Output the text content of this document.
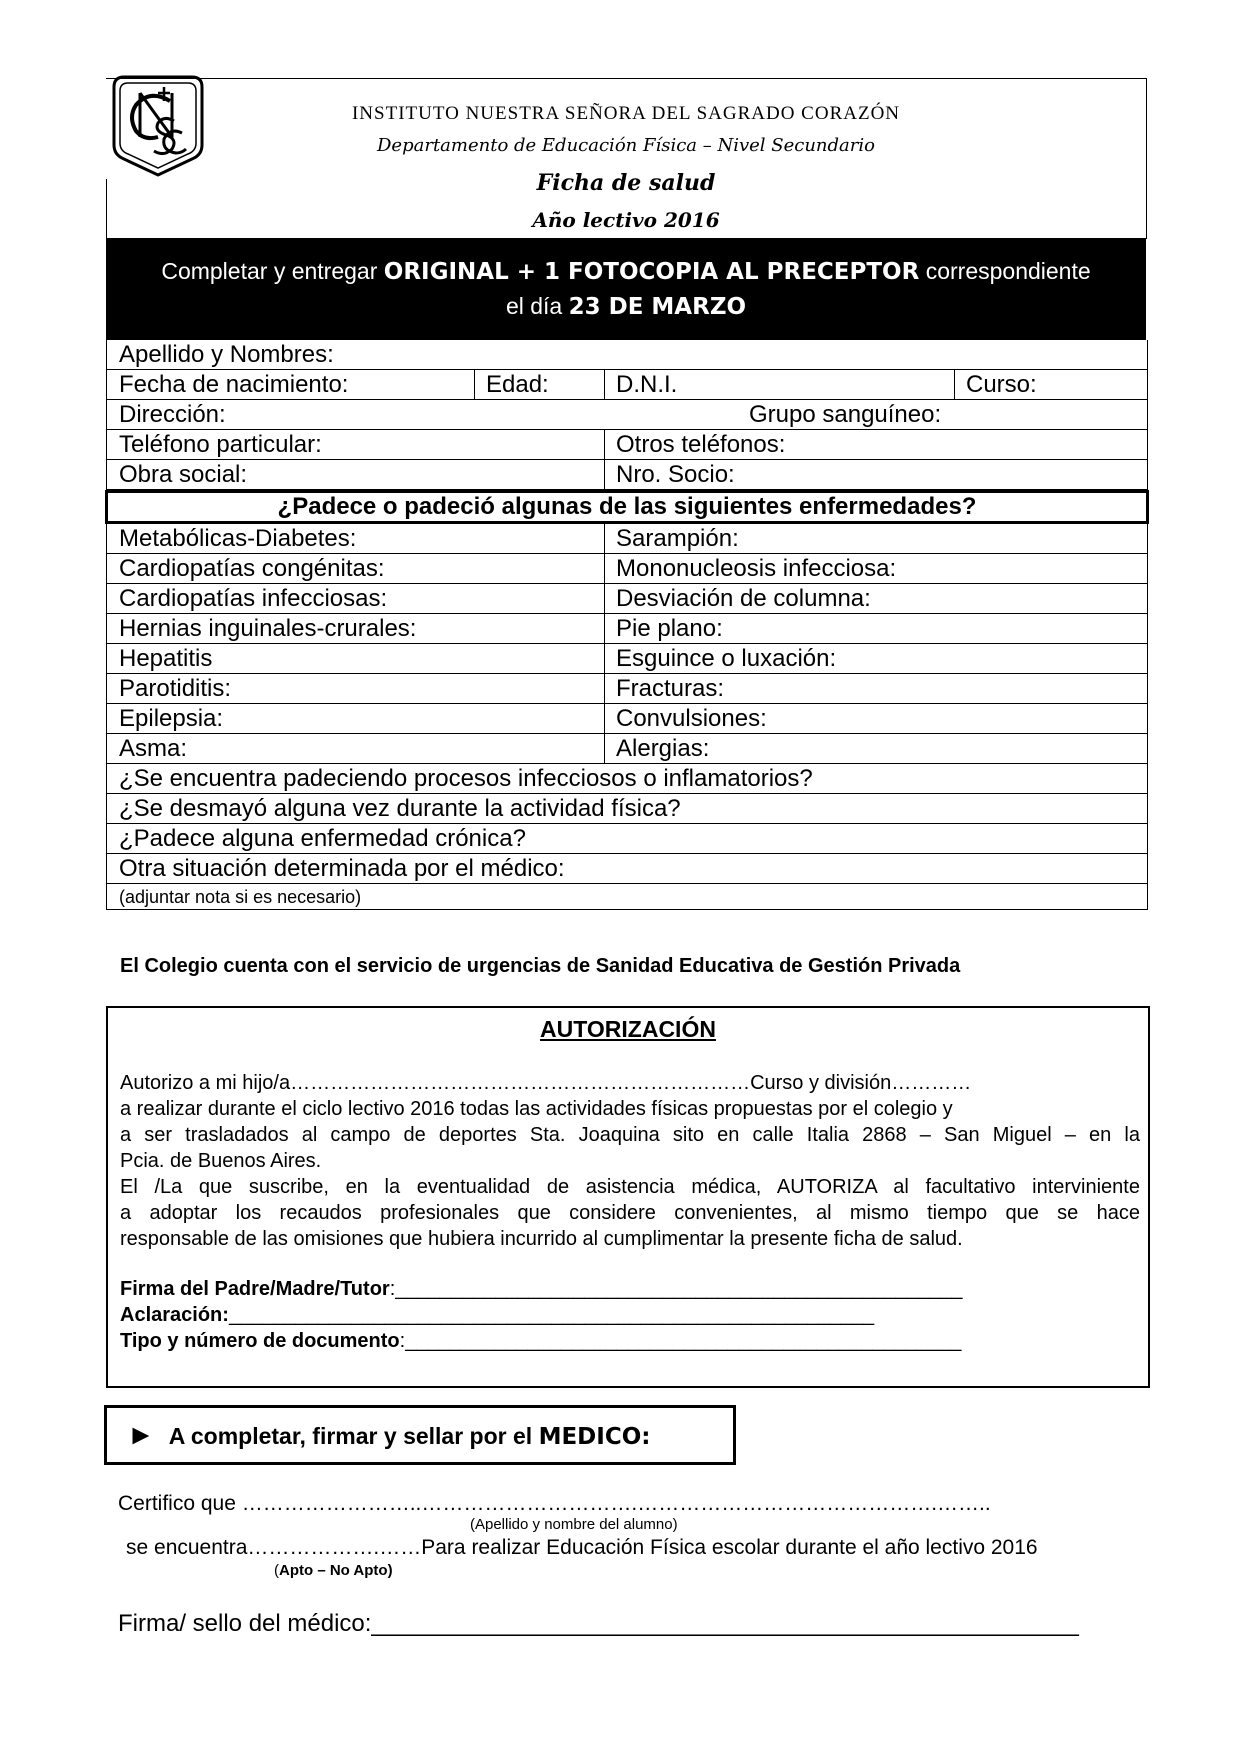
INSTITUTO NUESTRA SEÑORA DEL SAGRADO CORAZÓN
Departamento de Educación Física – Nivel Secundario
Ficha de salud
Año lectivo 2016
Completar y entregar ORIGINAL + 1 FOTOCOPIA AL PRECEPTOR correspondiente
el día 23 DE MARZO
Apellido y Nombres:
Fecha de nacimiento:	Edad:	D.N.I.	Curso:
Dirección:	Grupo sanguíneo:
Teléfono particular:	Otros teléfonos:
Obra social:	Nro. Socio:
¿Padece o padeció algunas de las siguientes enfermedades?
Metabólicas-Diabetes:	Sarampión:
Cardiopatías congénitas:	Mononucleosis infecciosa:
Cardiopatías infecciosas:	Desviación de columna:
Hernias inguinales-crurales:	Pie plano:
Hepatitis	Esguince o luxación:
Parotiditis:	Fracturas:
Epilepsia:	Convulsiones:
Asma:	Alergias:
¿Se encuentra padeciendo procesos infecciosos o inflamatorios?
¿Se desmayó alguna vez durante la actividad física?
¿Padece alguna enfermedad crónica?
Otra situación determinada por el médico:
(adjuntar nota si es necesario)
El Colegio cuenta con el servicio de urgencias de Sanidad Educativa de Gestión Privada
AUTORIZACIÓN

Autorizo a mi hijo/a……………………………………………………………Curso y división…………

a realizar durante el ciclo lectivo 2016 todas las actividades físicas propuestas por el colegio y

a ser trasladados al campo de deportes Sta. Joaquina sito en calle Italia 2868 – San Miguel – en la

Pcia. de Buenos Aires.

El /La que suscribe, en la eventualidad de asistencia médica, AUTORIZA al facultativo interviniente

a adoptar los recaudos profesionales que considere convenientes, al mismo tiempo que se hace

responsable de las omisiones que hubiera incurrido al cumplimentar la presente ficha de salud.

Firma del Padre/Madre/Tutor:___________________________________________________
Aclaración:__________________________________________________________
Tipo y número de documento:__________________________________________________
► A completar, firmar y sellar por el MEDICO:
Certifico que ……………………..………………………….…………………………………….……..
(Apellido y nombre del alumno)
se encuentra……………….……Para realizar Educación Física escolar durante el año lectivo 2016
(Apto – No Apto)
Firma/ sello del médico:_____________________________________________________
